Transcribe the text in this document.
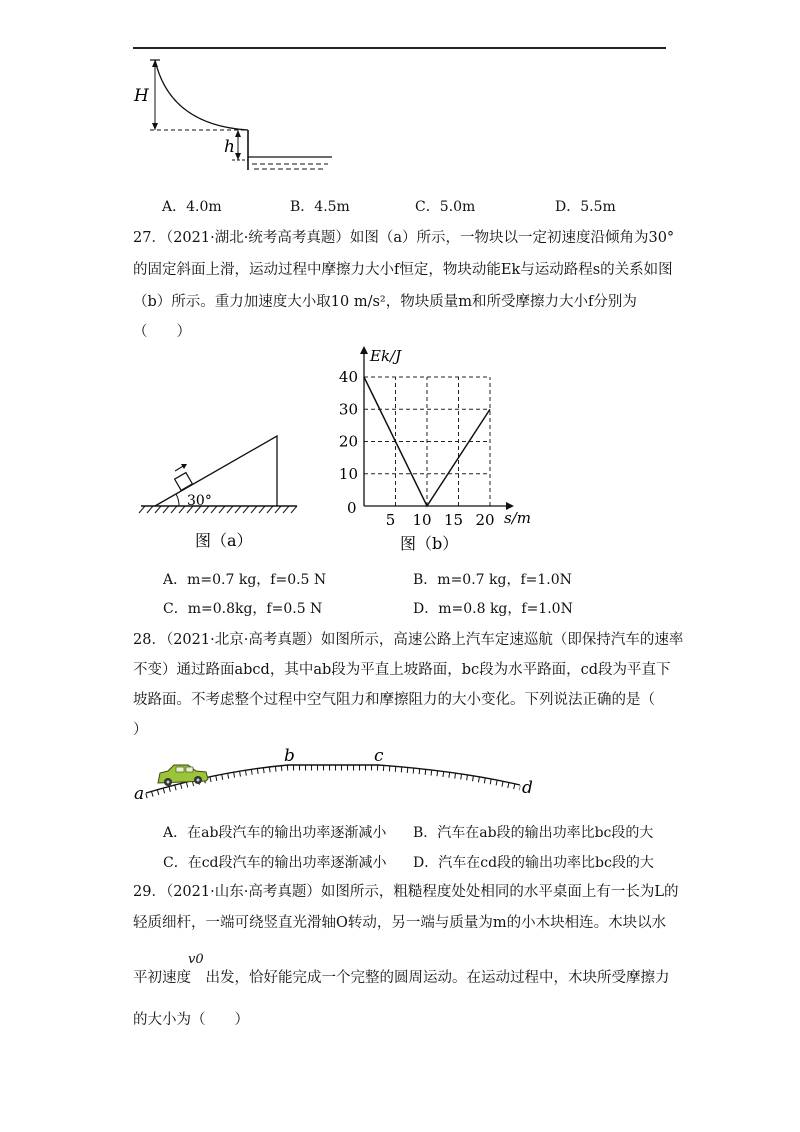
H
h
A．4.0m	B．4.5m	C．5.0m	D．5.5m
27．（2021·湖北·统考高考真题）如图（a）所示，一物块以一定初速度沿倾角为30°
的固定斜面上滑，运动过程中摩擦力大小f恒定，物块动能Ek与运动路程s的关系如图
（b）所示。重力加速度大小取10 m/s²，物块质量m和所受摩擦力大小f分别为
（　　）
30°
图（a）
5 10 15 20
10
20
30
40
Ek/J
s/m
0
图（b）
A．m=0.7 kg，f=0.5 N	B．m=0.7 kg，f=1.0N
C．m=0.8kg，f=0.5 N	D．m=0.8 kg，f=1.0N
28．（2021·北京·高考真题）如图所示，高速公路上汽车定速巡航（即保持汽车的速率
不变）通过路面abcd，其中ab段为平直上坡路面，bc段为水平路面，cd段为平直下
坡路面。不考虑整个过程中空气阻力和摩擦阻力的大小变化。下列说法正确的是（
）
a
b	c
d
A．在ab段汽车的输出功率逐渐减小 B．汽车在ab段的输出功率比bc段的大
C．在cd段汽车的输出功率逐渐减小 D．汽车在cd段的输出功率比bc段的大
29．（2021·山东·高考真题）如图所示，粗糙程度处处相同的水平桌面上有一长为L的
轻质细杆，一端可绕竖直光滑轴O转动，另一端与质量为m的小木块相连。木块以水
v0
平初速度　出发，恰好能完成一个完整的圆周运动。在运动过程中，木块所受摩擦力
的大小为（　　）
